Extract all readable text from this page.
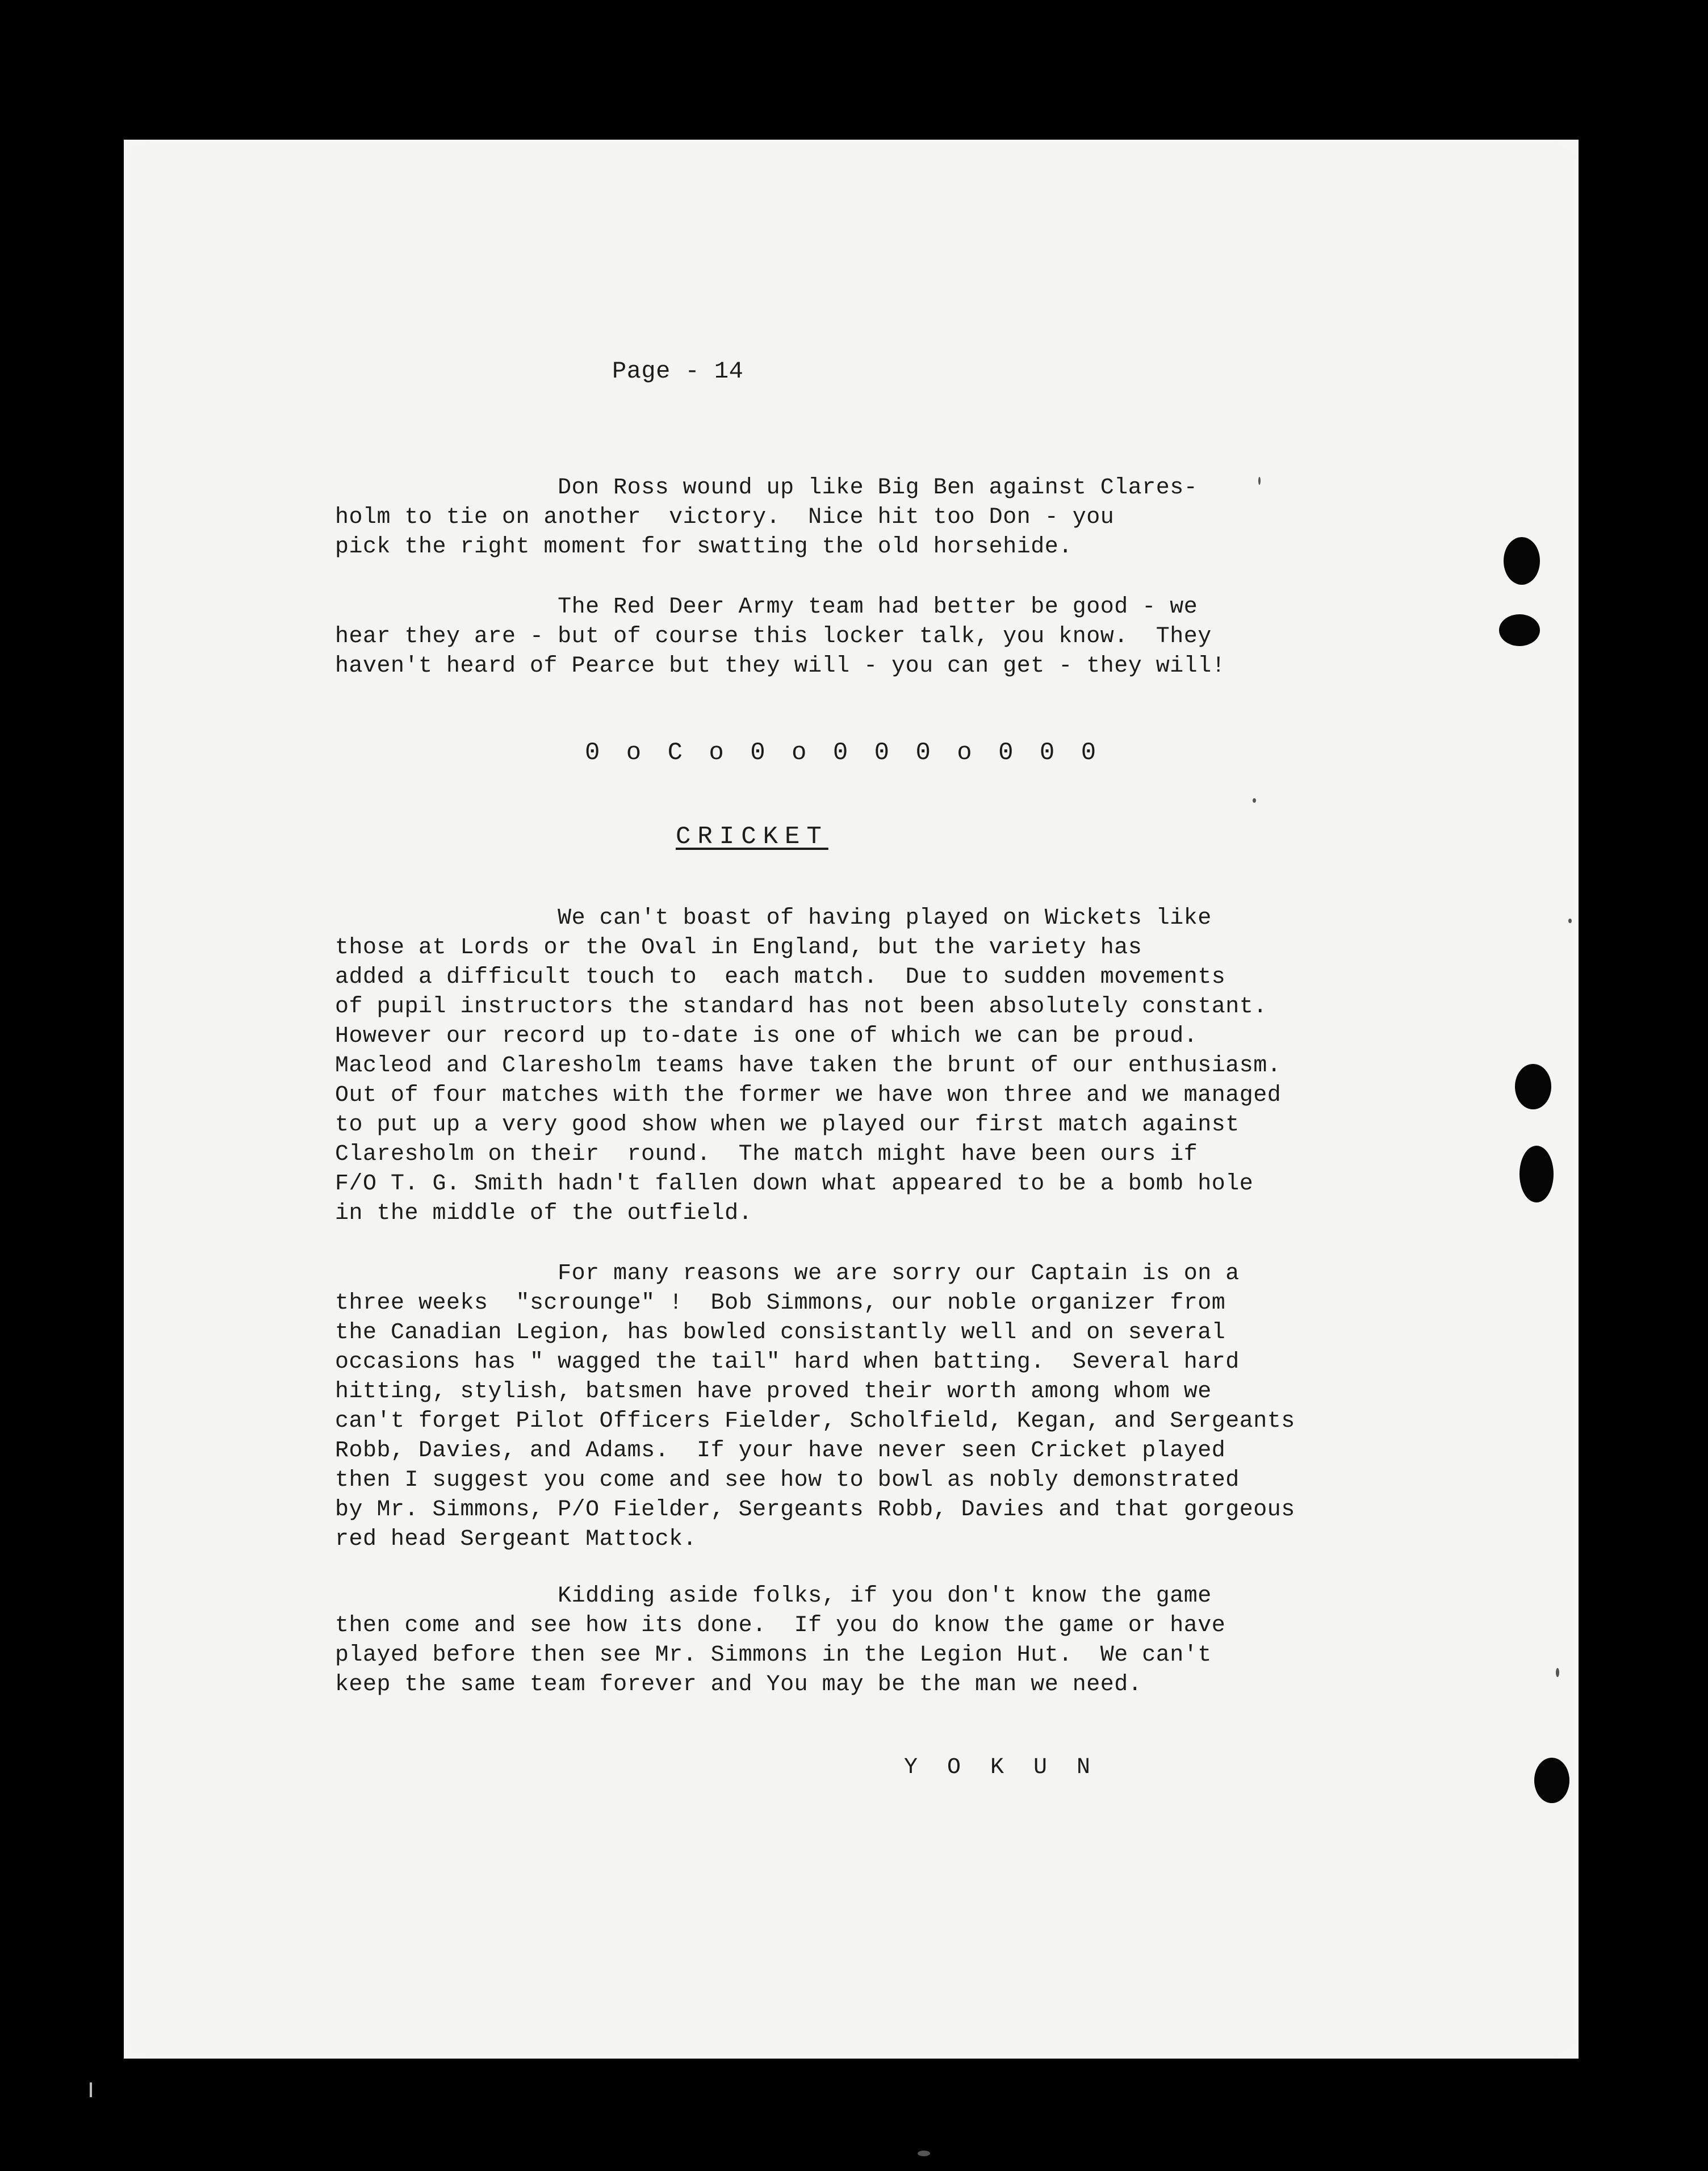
Page - 14
Don Ross wound up like Big Ben against Clares-
holm to tie on another  victory.  Nice hit too Don - you
pick the right moment for swatting the old horsehide.
The Red Deer Army team had better be good - we
hear they are - but of course this locker talk, you know.  They
haven't heard of Pearce but they will - you can get - they will!
0 o C o 0 o 0 0 0 o 0 0 0
CRICKET
We can't boast of having played on Wickets like
those at Lords or the Oval in England, but the variety has
added a difficult touch to  each match.  Due to sudden movements
of pupil instructors the standard has not been absolutely constant.
However our record up to-date is one of which we can be proud.
Macleod and Claresholm teams have taken the brunt of our enthusiasm.
Out of four matches with the former we have won three and we managed
to put up a very good show when we played our first match against
Claresholm on their  round.  The match might have been ours if
F/O T. G. Smith hadn't fallen down what appeared to be a bomb hole
in the middle of the outfield.
For many reasons we are sorry our Captain is on a
three weeks  "scrounge" !  Bob Simmons, our noble organizer from
the Canadian Legion, has bowled consistantly well and on several
occasions has " wagged the tail" hard when batting.  Several hard
hitting, stylish, batsmen have proved their worth among whom we
can't forget Pilot Officers Fielder, Scholfield, Kegan, and Sergeants
Robb, Davies, and Adams.  If your have never seen Cricket played
then I suggest you come and see how to bowl as nobly demonstrated
by Mr. Simmons, P/O Fielder, Sergeants Robb, Davies and that gorgeous
red head Sergeant Mattock.
Kidding aside folks, if you don't know the game
then come and see how its done.  If you do know the game or have
played before then see Mr. Simmons in the Legion Hut.  We can't
keep the same team forever and You may be the man we need.
Y O K U N
